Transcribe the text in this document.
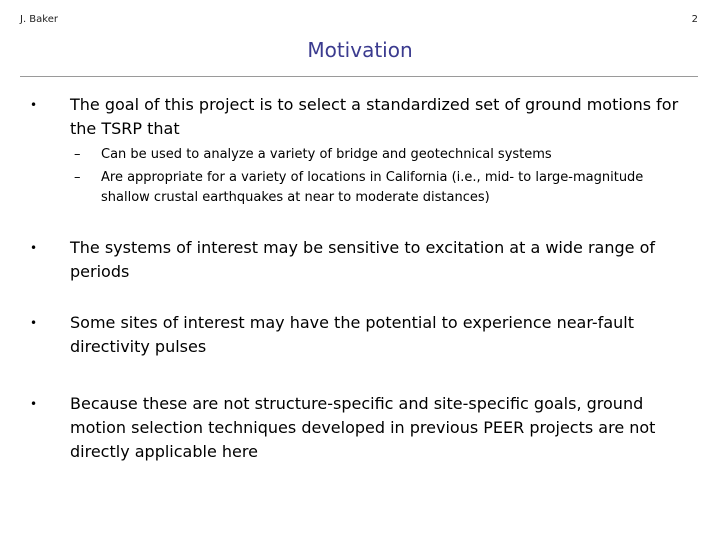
J. Baker	2
Motivation
• The goal of this project is to select a standardized set of ground motions for the TSRP that
– Can be used to analyze a variety of bridge and geotechnical systems
– Are appropriate for a variety of locations in California (i.e., mid- to large-magnitude shallow crustal earthquakes at near to moderate distances)
• The systems of interest may be sensitive to excitation at a wide range of periods
• Some sites of interest may have the potential to experience near-fault directivity pulses
• Because these are not structure-specific and site-specific goals, ground motion selection techniques developed in previous PEER projects are not directly applicable here
